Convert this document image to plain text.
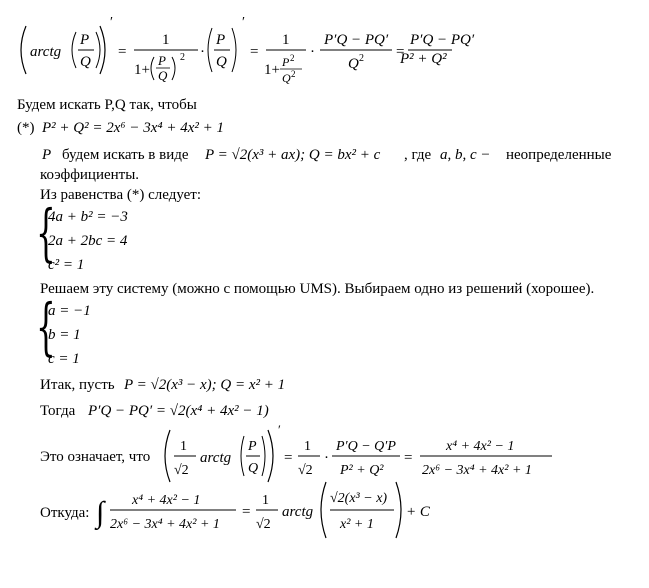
arctg
P
Q
′
=
1
1+
P
Q
2 ·
P
Q
′
=
1
1+ P 2
Q 2
·
P′Q − PQ′
Q 2 =
P′Q − PQ′
P² + Q²
Будем искать P,Q так, чтобы
(*) P² + Q² = 2x⁶ − 3x⁴ + 4x² + 1
P будем искать в виде P = √2(x³ + ax); Q = bx² + c , где a, b, c − неопределенные
коэффициенты.
Из равенства (*) следует:
{
4a + b² = −3
2a + 2bc = 4
c² = 1
Решаем эту систему (можно с помощью UMS). Выбираем одно из решений (хорошее).
{
a = −1
b = 1
c = 1
Итак, пусть P = √2(x³ − x); Q = x² + 1
Тогда P′Q − PQ′ = √2(x⁴ + 4x² − 1)
Это означает, что
1
√2
arctg
P
Q
′
=
1
√2
·
P′Q − Q′P
P² + Q²
=
x⁴ + 4x² − 1
2x⁶ − 3x⁴ + 4x² + 1
Откуда: ∫ x⁴ + 4x² − 1
2x⁶ − 3x⁴ + 4x² + 1
=
1
√2
arctg
√2(x³ − x)
x² + 1
+ C
